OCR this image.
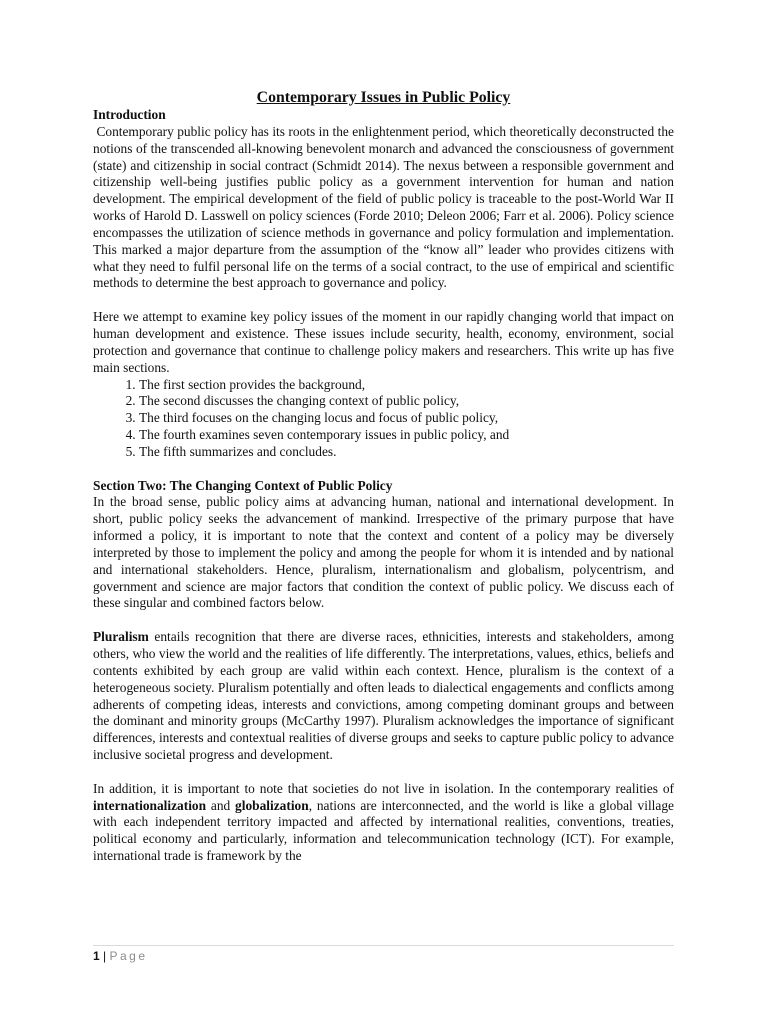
Contemporary Issues in Public Policy
Introduction

Contemporary public policy has its roots in the enlightenment period, which theoretically deconstructed the notions of the transcended all-knowing benevolent monarch and advanced the consciousness of government (state) and citizenship in social contract (Schmidt 2014). The nexus between a responsible government and citizenship well-being justifies public policy as a government intervention for human and nation development. The empirical development of the field of public policy is traceable to the post-World War II works of Harold D. Lasswell on policy sciences (Forde 2010; Deleon 2006; Farr et al. 2006). Policy science encompasses the utilization of science methods in governance and policy formulation and implementation. This marked a major departure from the assumption of the “know all” leader who provides citizens with what they need to fulfil personal life on the terms of a social contract, to the use of empirical and scientific methods to determine the best approach to governance and policy.

Here we attempt to examine key policy issues of the moment in our rapidly changing world that impact on human development and existence. These issues include security, health, economy, environment, social protection and governance that continue to challenge policy makers and researchers. This write up has five main sections.

1. The first section provides the background,
2. The second discusses the changing context of public policy,
3. The third focuses on the changing locus and focus of public policy,
4. The fourth examines seven contemporary issues in public policy, and
5. The fifth summarizes and concludes.
Section Two: The Changing Context of Public Policy

In the broad sense, public policy aims at advancing human, national and international development. In short, public policy seeks the advancement of mankind. Irrespective of the primary purpose that have informed a policy, it is important to note that the context and content of a policy may be diversely interpreted by those to implement the policy and among the people for whom it is intended and by national and international stakeholders. Hence, pluralism, internationalism and globalism, polycentrism, and government and science are major factors that condition the context of public policy. We discuss each of these singular and combined factors below.

Pluralism entails recognition that there are diverse races, ethnicities, interests and stakeholders, among others, who view the world and the realities of life differently. The interpretations, values, ethics, beliefs and contents exhibited by each group are valid within each context. Hence, pluralism is the context of a heterogeneous society. Pluralism potentially and often leads to dialectical engagements and conflicts among adherents of competing ideas, interests and convictions, among competing dominant groups and between the dominant and minority groups (McCarthy 1997). Pluralism acknowledges the importance of significant differences, interests and contextual realities of diverse groups and seeks to capture public policy to advance inclusive societal progress and development.

In addition, it is important to note that societies do not live in isolation. In the contemporary realities of internationalization and globalization, nations are interconnected, and the world is like a global village with each independent territory impacted and affected by international realities, conventions, treaties, political economy and particularly, information and telecommunication technology (ICT). For example, international trade is framework by the

1 | Page
